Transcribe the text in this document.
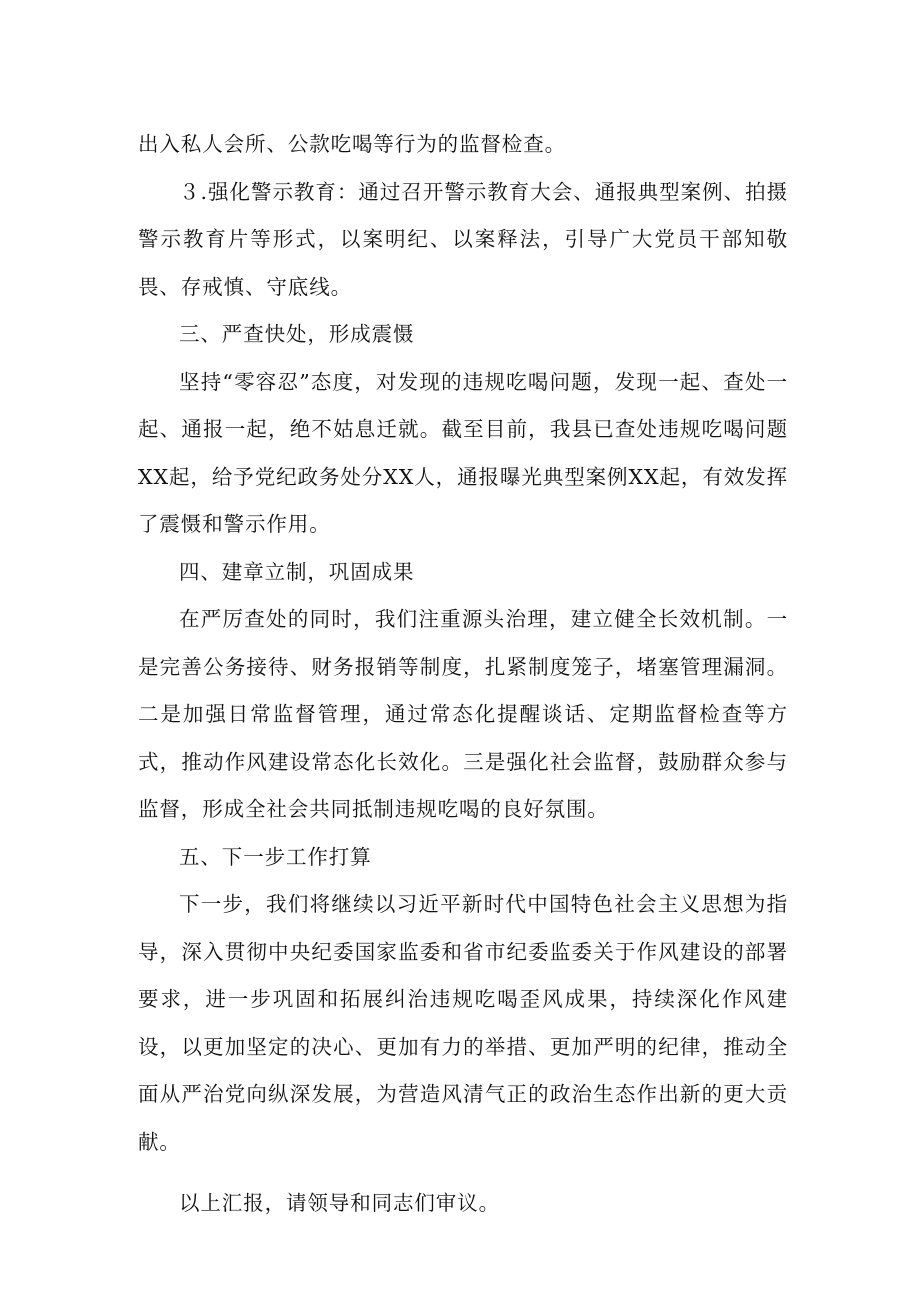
出入私人会所、公款吃喝等行为的监督检查。

３.强化警示教育：通过召开警示教育大会、通报典型案例、拍摄警示教育片等形式，以案明纪、以案释法，引导广大党员干部知敬畏、存戒慎、守底线。

三、严查快处，形成震慑

坚持“零容忍”态度，对发现的违规吃喝问题，发现一起、查处一起、通报一起，绝不姑息迁就。截至目前，我县已查处违规吃喝问题XX起，给予党纪政务处分XX人，通报曝光典型案例XX起，有效发挥了震慑和警示作用。

四、建章立制，巩固成果

在严厉查处的同时，我们注重源头治理，建立健全长效机制。一是完善公务接待、财务报销等制度，扎紧制度笼子，堵塞管理漏洞。二是加强日常监督管理，通过常态化提醒谈话、定期监督检查等方式，推动作风建设常态化长效化。三是强化社会监督，鼓励群众参与监督，形成全社会共同抵制违规吃喝的良好氛围。

五、下一步工作打算

下一步，我们将继续以习近平新时代中国特色社会主义思想为指导，深入贯彻中央纪委国家监委和省市纪委监委关于作风建设的部署要求，进一步巩固和拓展纠治违规吃喝歪风成果，持续深化作风建设，以更加坚定的决心、更加有力的举措、更加严明的纪律，推动全面从严治党向纵深发展，为营造风清气正的政治生态作出新的更大贡献。

以上汇报，请领导和同志们审议。
